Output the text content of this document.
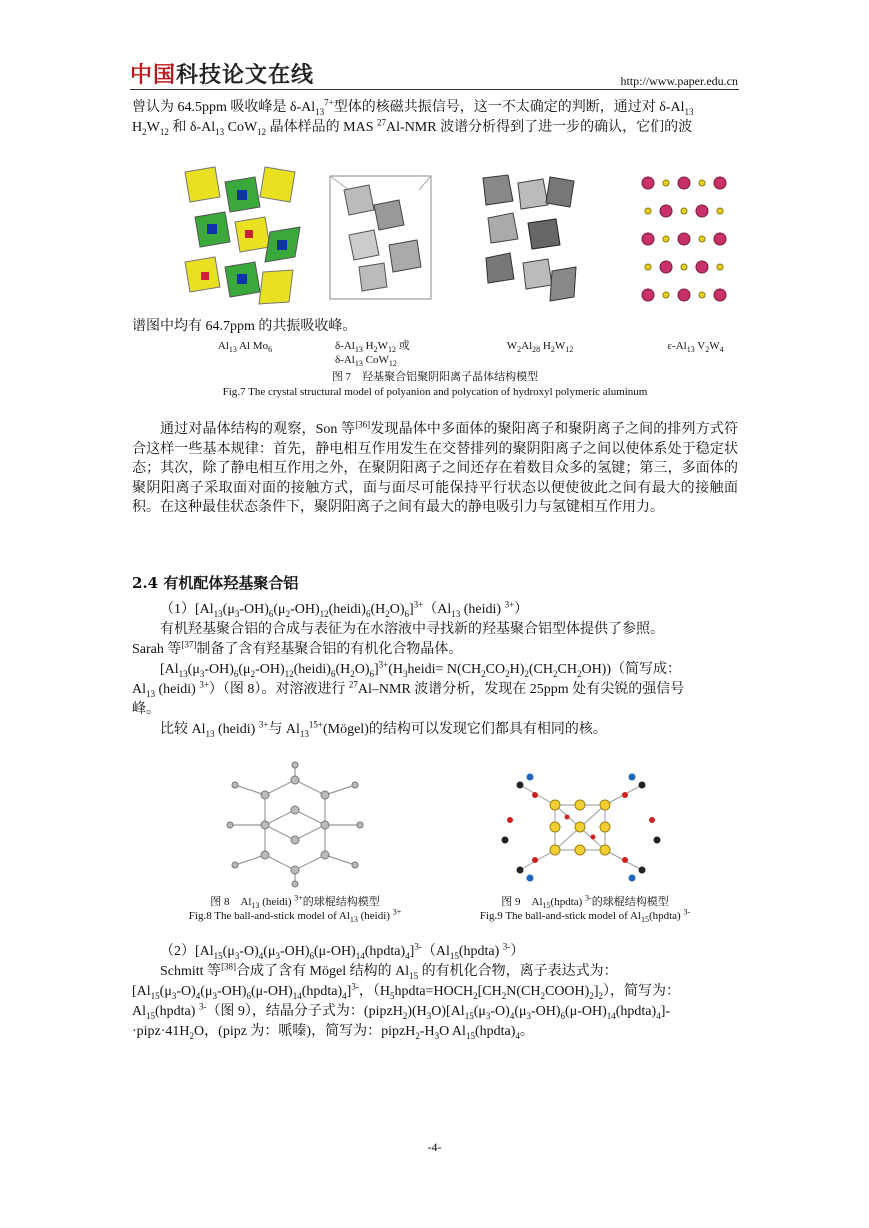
中国科技论文在线	http://www.paper.edu.cn
曾认为 64.5ppm 吸收峰是 $\delta-Al_{13}^{7+}$型体的核磁共振信号，这一不太确定的判断，通过对 $\delta-Al_{13}$
$H_2W_{12}$ 和 $\delta-Al_{13}$ CoW$_{12}$ 晶体样品的 MAS $^{27}$Al-NMR 波谱分析得到了进一步的确认，它们的波
谱图中均有 64.7ppm 的共振吸收峰。
$Al_{13}$ Al $Mo_6$	$\delta-Al_{13}$ $H_2W_{12}$ 或
$\delta-Al_{13}$ CoW$_{12}$
$W_2Al_{28}$ $H_2W_{12}$	$\varepsilon-Al_{13}$ $V_2W_4$
图 7　羟基聚合铝聚阴阳离子晶体结构模型
Fig.7 The crystal structural model of polyanion and polycation of hydroxyl polymeric aluminum
通过对晶体结构的观察，Son 等[36]发现晶体中多面体的聚阳离子和聚阴离子之间的排列方式符合这样一些基本规律：首先，静电相互作用发生在交替排列的聚阴阳离子之间以使体系处于稳定状态；其次，除了静电相互作用之外，在聚阴阳离子之间还存在着数目众多的氢键；第三，多面体的聚阴阳离子采取面对面的接触方式，面与面尽可能保持平行状态以便使彼此之间有最大的接触面积。在这种最佳状态条件下，聚阴阳离子之间有最大的静电吸引力与氢键相互作用力。
2.4 有机配体羟基聚合铝
$(1)[Al_{13}(\mu_3-OH)_6(\mu_2-OH)_{12}(heidi)_6(H_2O)_6]^{3+}(Al_{13}$ (heidi) $^{3+}$）
有机羟基聚合铝的合成与表征为在水溶液中寻找新的羟基聚合铝型体提供了参照。
Sarah 等[37]制备了含有羟基聚合铝的有机化合物晶体。
$[Al_{13}(\mu_3-OH)_6(\mu_2-OH)_{12}(heidi)_6(H_2O)_6]^{3+}(H_3heidi= N(CH_2CO_2H)_2(CH_2CH_2OH))$（简写成：
$Al_{13}$ (heidi) $^{3+}$）（图 8）。对溶液进行 $^{27}$Al–NMR 波谱分析，发现在 25ppm 处有尖锐的强信号
峰。
比较 $Al_{13}$ (heidi) $^{3+}$与 $Al_{13}^{15+}(Mögel)$的结构可以发现它们都具有相同的核。
图 8　$Al_{13}$ (heidi) $^{3+}$的球棍结构模型
Fig.8 The ball-and-stick model of $Al_{13}$ (heidi) $^{3+}$
图 9　$Al_{15}(hpdta)$ $^{3-}$的球棍结构模型
Fig.9 The ball-and-stick model of $Al_{15}(hpdta)$ $^{3-}$
$(2)[Al_{15}(\mu_3-O)_4(\mu_3-OH)_6(\mu-OH)_{14}(hpdta)_4]^{3-}(Al_{15}(hpdta)$ $^{3-}$）
Schmitt 等[38]合成了含有 Mögel 结构的 $Al_{15}$ 的有机化合物，离子表达式为：
$[Al_{15}(\mu_3-O)_4(\mu_3-OH)_6(\mu-OH)_{14}(hpdta)_4]^{3-}$，$(H_5hpdta=HOCH_2[CH_2N(CH_2COOH)_2]_2)$，简写为：
$Al_{15}(hpdta)$ $^{3-}$（图 9），结晶分子式为：$(pipzH_2)(H_3O)[Al_{15}(\mu_3-O)_4(\mu_3-OH)_6(\mu-OH)_{14}(hpdta)_4]-$
$\cdot pipz\cdot 41H_2O$，(pipz 为：哌嗪)，简写为：$pipzH_2-H_3O$ $Al_{15}(hpdta)_4$。
-4-
